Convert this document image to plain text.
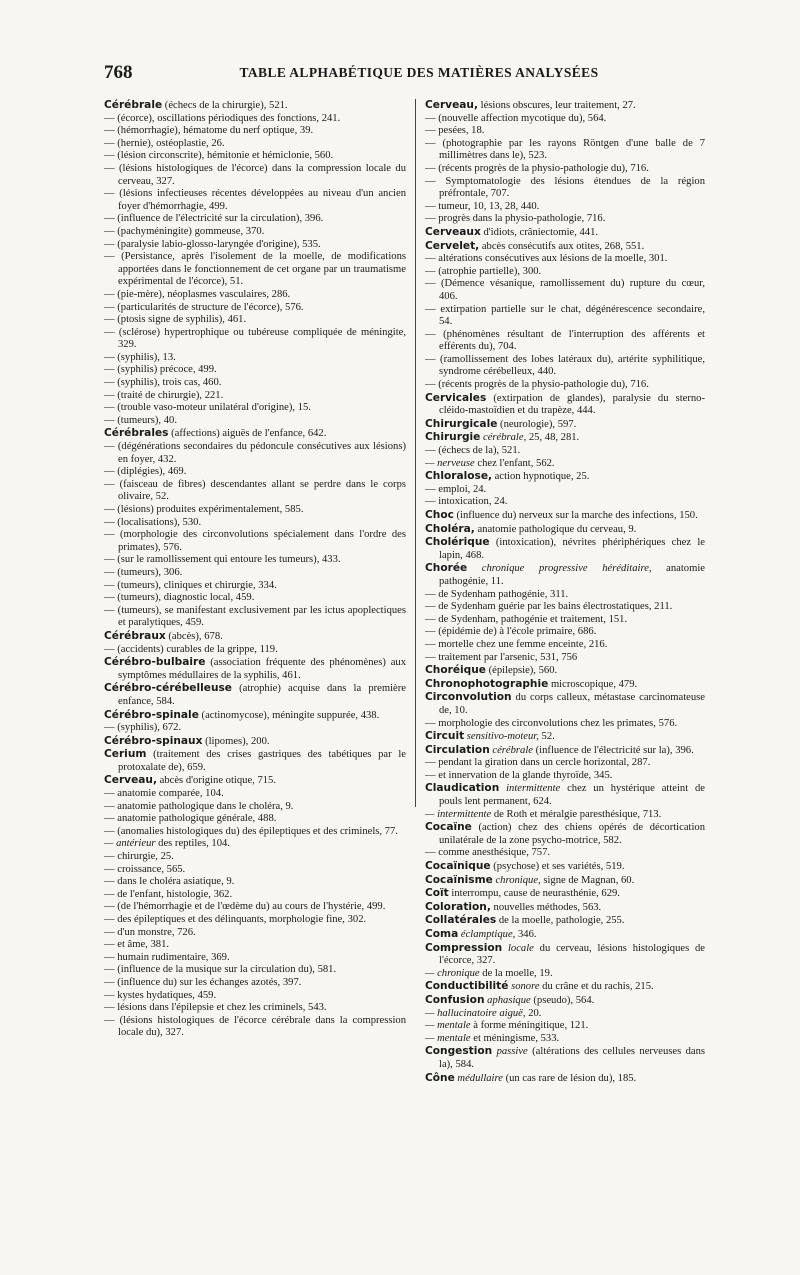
768	TABLE ALPHABÉTIQUE DES MATIÈRES ANALYSÉES

Cérébrale (échecs de la chirurgie), 521.

— (écorce), oscillations périodiques des fonctions, 241.

— (hémorrhagie), hématome du nerf optique, 39.

— (hernie), ostéoplastie, 26.

— (lésion circonscrite), hémitonie et hémiclonie, 560.

— (lésions histologiques de l'écorce) dans la compression locale du cerveau, 327.

— (lésions infectieuses récentes développées au niveau d'un ancien foyer d'hémorrhagie, 499.

— (influence de l'électricité sur la circulation), 396.

— (pachyméningite) gommeuse, 370.

— (paralysie labio-glosso-laryngée d'origine), 535.

— (Persistance, après l'isolement de la moelle, de modifications apportées dans le fonctionnement de cet organe par un traumatisme expérimental de l'écorce), 51.

— (pie-mère), néoplasmes vasculaires, 286.

— (particularités de structure de l'écorce), 576.

— (ptosis signe de syphilis), 461.

— (sclérose) hypertrophique ou tubéreuse compliquée de méningite, 329.

— (syphilis), 13.

— (syphilis) précoce, 499.

— (syphilis), trois cas, 460.

— (traité de chirurgie), 221.

— (trouble vaso-moteur unilatéral d'origine), 15.

— (tumeurs), 40.

Cérébrales (affections) aiguës de l'enfance, 642.

— (dégénérations secondaires du pédoncule consécutives aux lésions) en foyer, 432.

— (diplégies), 469.

— (faisceau de fibres) descendantes allant se perdre dans le corps olivaire, 52.

— (lésions) produites expérimentalement, 585.

— (localisations), 530.

— (morphologie des circonvolutions spécialement dans l'ordre des primates), 576.

— (sur le ramollissement qui entoure les tumeurs), 433.

— (tumeurs), 306.

— (tumeurs), cliniques et chirurgie, 334.

— (tumeurs), diagnostic local, 459.

— (tumeurs), se manifestant exclusivement par les ictus apoplectiques et paralytiques, 459.

Cérébraux (abcès), 678.

— (accidents) curables de la grippe, 119.

Cérébro-bulbaire (association fréquente des phénomènes) aux symptômes médullaires de la syphilis, 461.

Cérébro-cérébelleuse (atrophie) acquise dans la première enfance, 584.

Cérébro-spinale (actinomycose), méningite suppurée, 438.

— (syphilis), 672.

Cérébro-spinaux (lipomes), 200.

Cerium (traitement des crises gastriques des tabétiques par le protoxalate de), 659.

Cerveau, abcès d'origine otique, 715.

— anatomie comparée, 104.

— anatomie pathologique dans le choléra, 9.

— anatomie pathologique générale, 488.

— (anomalies histologiques du) des épileptiques et des criminels, 77.

— antérieur des reptiles, 104.

— chirurgie, 25.

— croissance, 565.

— dans le choléra asiatique, 9.

— de l'enfant, histologie, 362.

— (de l'hémorrhagie et de l'œdème du) au cours de l'hystérie, 499.

— des épileptiques et des délinquants, morphologie fine, 302.

— d'un monstre, 726.

— et âme, 381.

— humain rudimentaire, 369.

— (influence de la musique sur la circulation du), 581.

— (influence du) sur les échanges azotés, 397.

— kystes hydatiques, 459.

— lésions dans l'épilepsie et chez les criminels, 543.

— (lésions histologiques de l'écorce cérébrale dans la compression locale du), 327.

Cerveau, lésions obscures, leur traitement, 27.

— (nouvelle affection mycotique du), 564.

— pesées, 18.

— (photographie par les rayons Röntgen d'une balle de 7 millimètres dans le), 523.

— (récents progrès de la physio-pathologie du), 716.

— Symptomatologie des lésions étendues de la région préfrontale, 707.

— tumeur, 10, 13, 28, 440.

— progrès dans la physio-pathologie, 716.

Cerveaux d'idiots, crâniectomie, 441.

Cervelet, abcès consécutifs aux otites, 268, 551.

— altérations consécutives aux lésions de la moelle, 301.

— (atrophie partielle), 300.

— (Démence vésanique, ramollissement du) rupture du cœur, 406.

— extirpation partielle sur le chat, dégénérescence secondaire, 54.

— (phénomènes résultant de l'interruption des afférents et efférents du), 704.

— (ramollissement des lobes latéraux du), artérite syphilitique, syndrome cérébelleux, 440.

— (récents progrès de la physio-pathologie du), 716.

Cervicales (extirpation de glandes), paralysie du sterno-cléido-mastoïdien et du trapèze, 444.

Chirurgicale (neurologie), 597.

Chirurgie cérébrale, 25, 48, 281.

— (échecs de la), 521.

— nerveuse chez l'enfant, 562.

Chloralose, action hypnotique, 25.

— emploi, 24.

— intoxication, 24.

Choc (influence du) nerveux sur la marche des infections, 150.

Choléra, anatomie pathologique du cerveau, 9.

Cholérique (intoxication), névrites phériphériques chez le lapin, 468.

Chorée chronique progressive héréditaire, anatomie pathogénie, 11.

— de Sydenham pathogénie, 311.

— de Sydenham guérie par les bains électrostatiques, 211.

— de Sydenham, pathogénie et traitement, 151.

— (épidémie de) à l'école primaire, 686.

— mortelle chez une femme enceinte, 216.

— traitement par l'arsenic, 531, 756

Choréique (épilepsie), 560.

Chronophotographie microscopique, 479.

Circonvolution du corps calleux, métastase carcinomateuse de, 10.

— morphologie des circonvolutions chez les primates, 576.

Circuit sensitivo-moteur, 52.

Circulation cérébrale (influence de l'électricité sur la), 396.

— pendant la giration dans un cercle horizontal, 287.

— et innervation de la glande thyroïde, 345.

Claudication intermittente chez un hystérique atteint de pouls lent permanent, 624.

— intermittente de Roth et méralgie paresthésique, 713.

Cocaïne (action) chez des chiens opérés de décortication unilatérale de la zone psycho-motrice, 582.

— comme anesthésique, 757.

Cocaïnique (psychose) et ses variétés, 519.

Cocaïnisme chronique, signe de Magnan, 60.

Coït interrompu, cause de neurasthénie, 629.

Coloration, nouvelles méthodes, 563.

Collatérales de la moelle, pathologie, 255.

Coma éclamptique, 346.

Compression locale du cerveau, lésions histologiques de l'écorce, 327.

— chronique de la moelle, 19.

Conductibilité sonore du crâne et du rachis, 215.

Confusion aphasique (pseudo), 564.

— hallucinatoire aiguë, 20.

— mentale à forme méningitique, 121.

— mentale et méningisme, 533.

Congestion passive (altérations des cellules nerveuses dans la), 584.

Cône médullaire (un cas rare de lésion du), 185.
